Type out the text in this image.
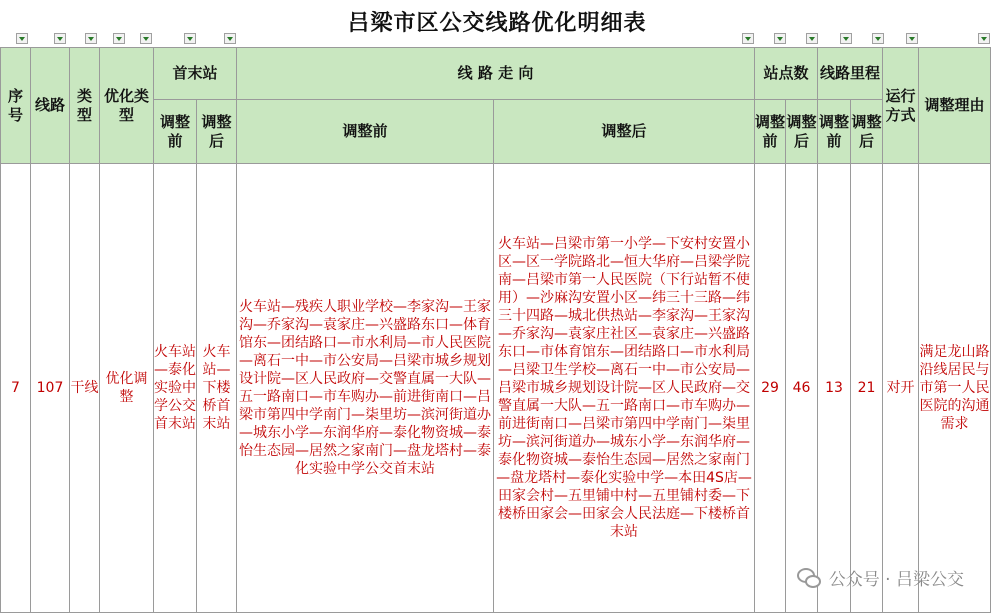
吕梁市区公交线路优化明细表
序号	线路	类型	优化类型	首末站		线 路 走 向		站点数		线路里程		运行方式	调整理由
				调整前	调整后	调整前	调整后	调整前	调整后	调整前	调整后		
7	107	干线	优化调整	火车站—泰化实验中学公交首末站	火车站—下楼桥首末站	火车站—残疾人职业学校—李家沟—王家沟—乔家沟—袁家庄—兴盛路东口—体育馆东—团结路口—市水利局—市人民医院—离石一中—市公安局—吕梁市城乡规划设计院—区人民政府—交警直属一大队—五一路南口—市车购办—前进街南口—吕梁市第四中学南门—柒里坊—滨河街道办—城东小学—东润华府—泰化物资城—泰怡生态园—居然之家南门—盘龙塔村—泰化实验中学公交首末站	火车站—吕梁市第一小学—下安村安置小区—区一学院路北—恒大华府—吕梁学院南—吕梁市第一人民医院（下行站暂不使用）—沙麻沟安置小区—纬三十三路—纬三十四路—城北供热站—李家沟—王家沟—乔家沟—袁家庄社区—袁家庄—兴盛路东口—市体育馆东—团结路口—市水利局—吕梁卫生学校—离石一中—市公安局—吕梁市城乡规划设计院—区人民政府—交警直属一大队—五一路南口—市车购办—前进街南口—吕梁市第四中学南门—柒里坊—滨河街道办—城东小学—东润华府—泰化物资城—泰怡生态园—居然之家南门—盘龙塔村—泰化实验中学—本田4S店—田家会村—五里铺中村—五里铺村委—下楼桥田家会—田家会人民法庭—下楼桥首末站	29	46	13	21	对开	满足龙山路沿线居民与市第一人民医院的沟通需求
公众号 · 吕梁公交
